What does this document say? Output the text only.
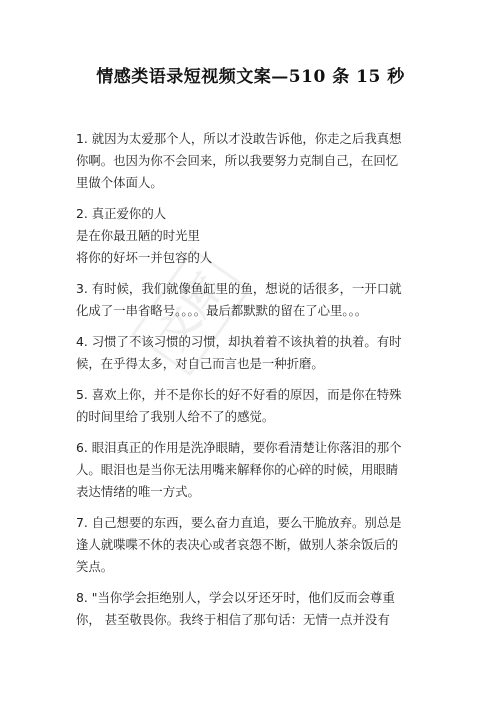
文库
情感类语录短视频文案—510 条 15 秒
1. 就因为太爱那个人，所以才没敢告诉他，你走之后我真想
你啊。也因为你不会回来，所以我要努力克制自己，在回忆
里做个体面人。
2. 真正爱你的人
是在你最丑陋的时光里
将你的好坏一并包容的人
3. 有时候，我们就像鱼缸里的鱼，想说的话很多，一开口就
化成了一串省略号。。。。最后都默默的留在了心里。。。
4. 习惯了不该习惯的习惯，却执着着不该执着的执着。有时
候，在乎得太多，对自己而言也是一种折磨。
5. 喜欢上你，并不是你长的好不好看的原因，而是你在特殊
的时间里给了我别人给不了的感觉。
6. 眼泪真正的作用是洗净眼睛，要你看清楚让你落泪的那个
人。眼泪也是当你无法用嘴来解释你的心碎的时候，用眼睛
表达情绪的唯一方式。
7. 自己想要的东西，要么奋力直追，要么干脆放弃。别总是
逢人就喋喋不休的表决心或者哀怨不断，做别人茶余饭后的
笑点。
8. "当你学会拒绝别人，学会以牙还牙时，他们反而会尊重
你， 甚至敬畏你。我终于相信了那句话：无情一点并没有
